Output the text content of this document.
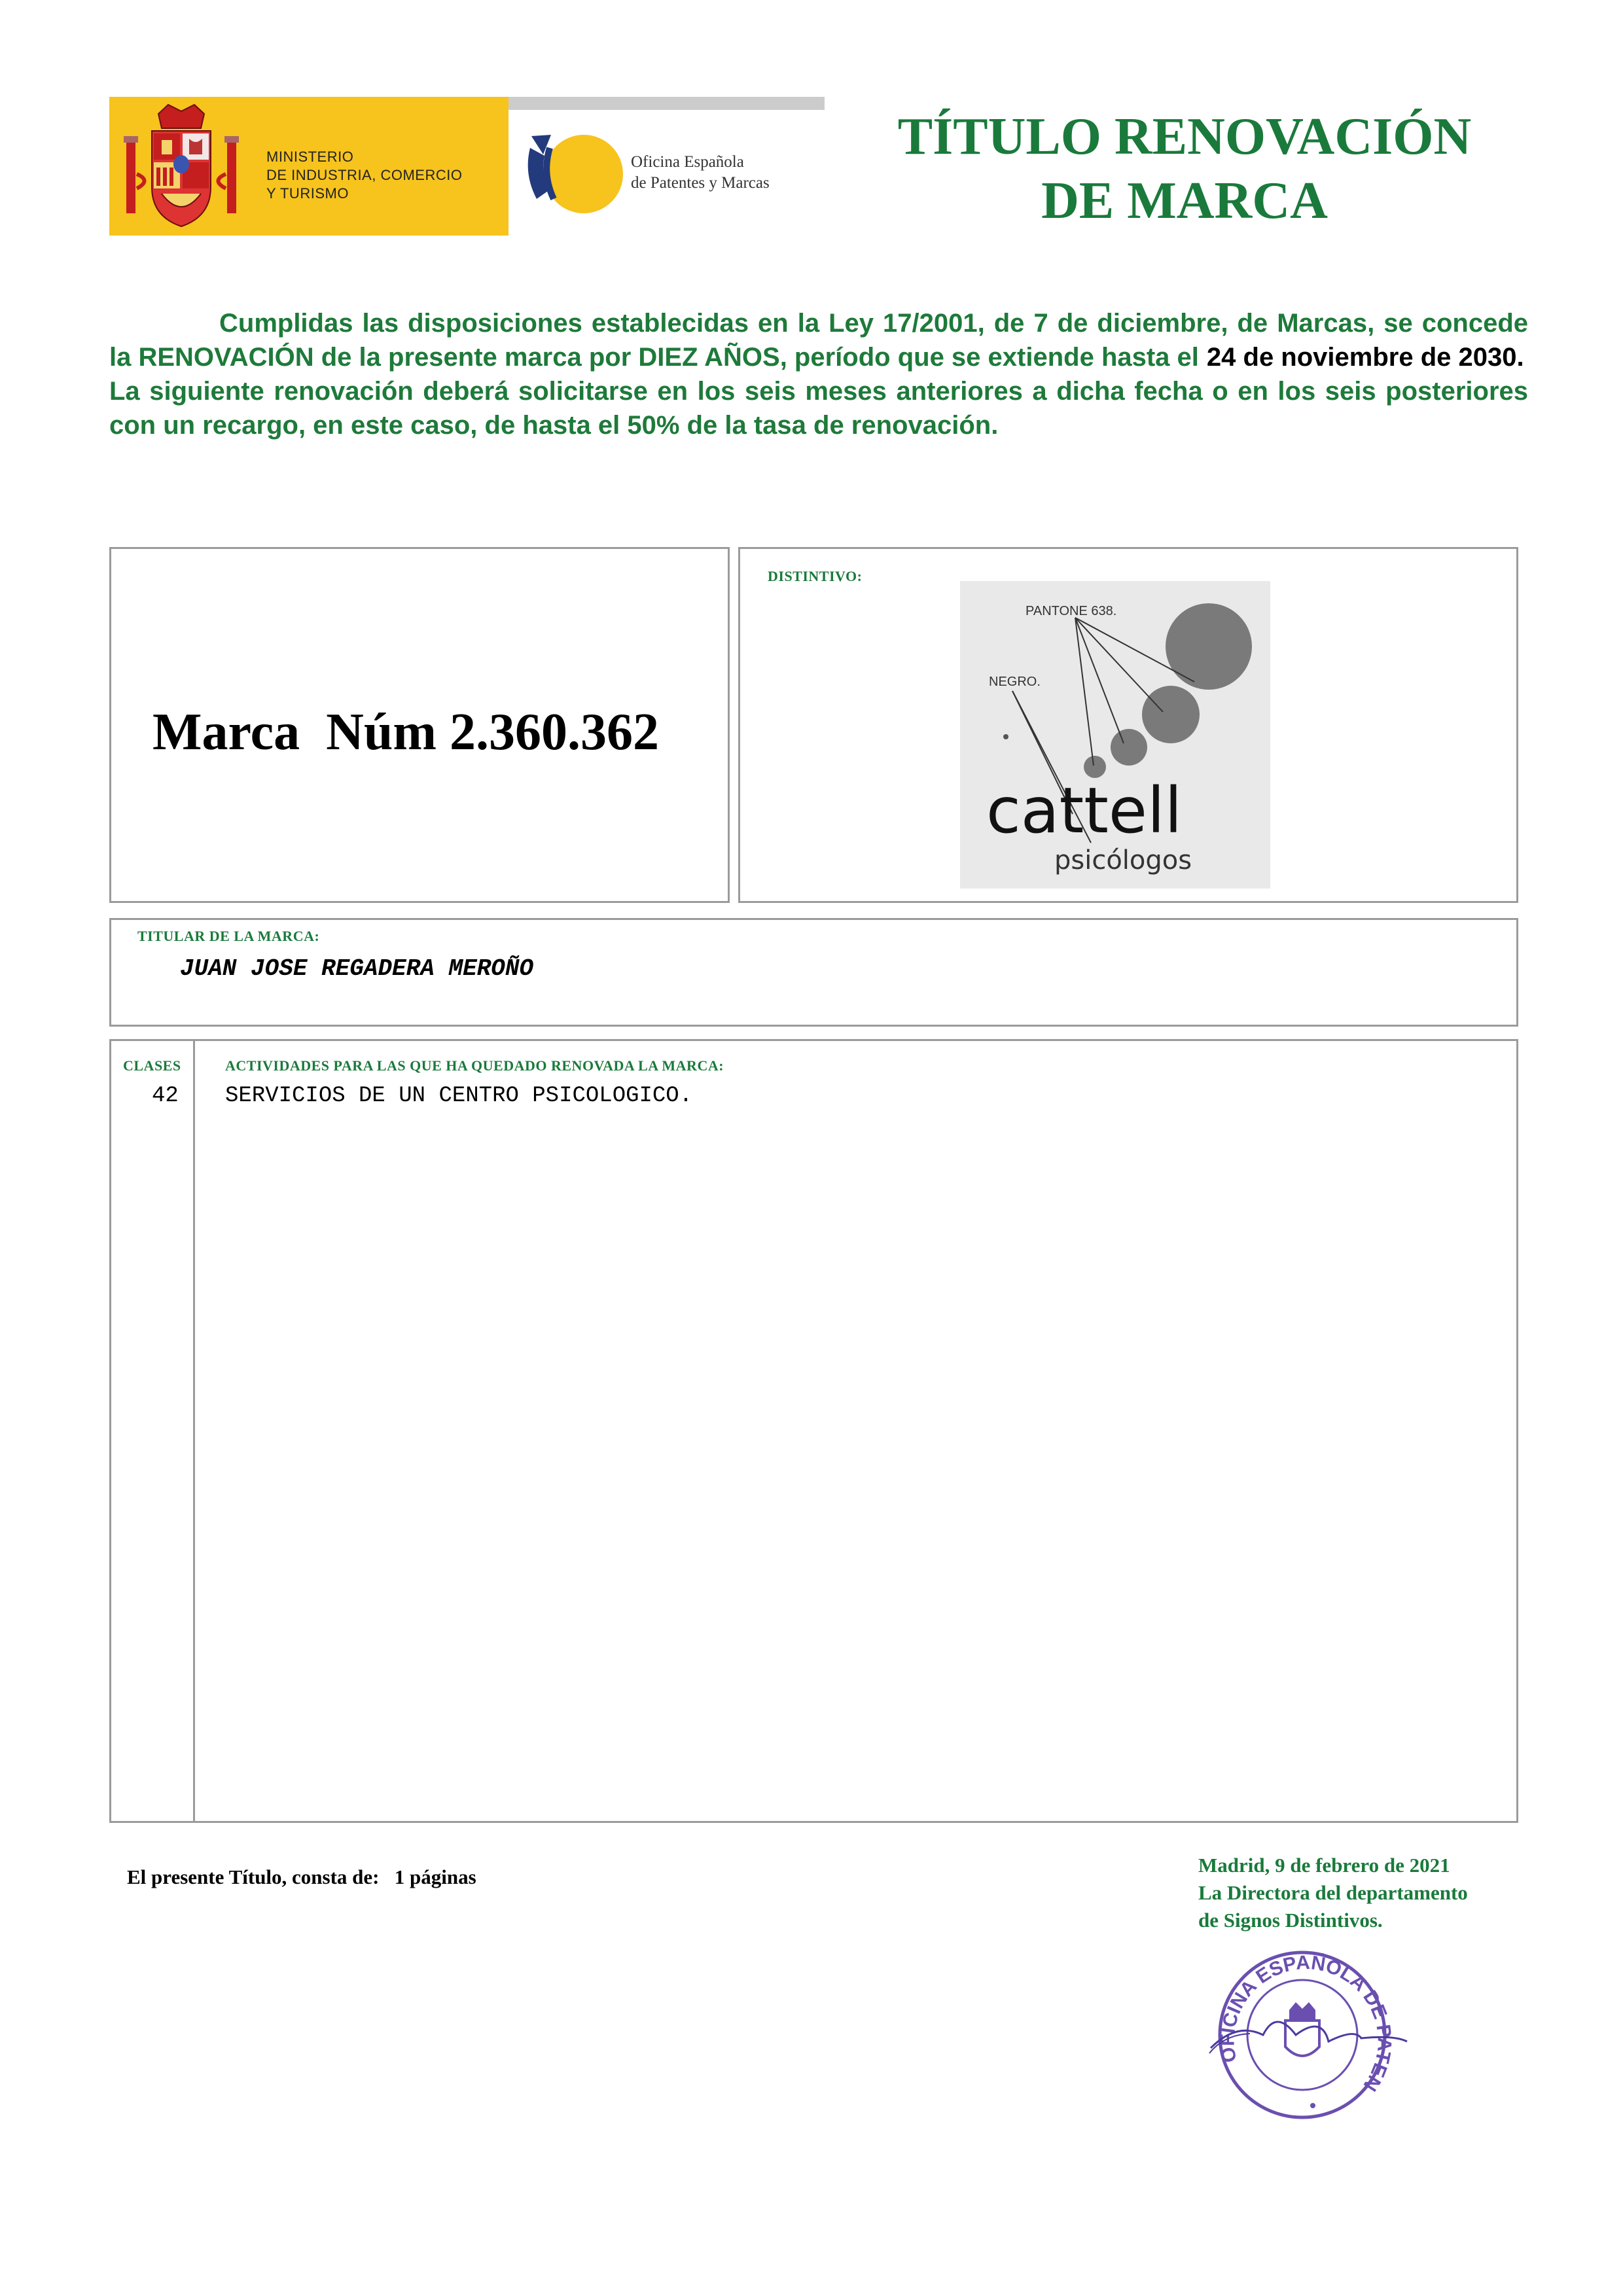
MINISTERIO
DE INDUSTRIA, COMERCIO
Y TURISMO
Oficina Española
de Patentes y Marcas
TÍTULO RENOVACIÓN
DE MARCA
Cumplidas las disposiciones establecidas en la Ley 17/2001, de 7 de diciembre, de Marcas, se concede la RENOVACIÓN de la presente marca por DIEZ AÑOS, período que se extiende hasta el 24 de noviembre de 2030.
La siguiente renovación deberá solicitarse en los seis meses anteriores a dicha fecha o en los seis posteriores con un recargo, en este caso, de hasta el 50% de la tasa de renovación.
Marca  Núm 2.360.362
DISTINTIVO:
PANTONE 638.
NEGRO.
cattell
psicólogos
TITULAR DE LA MARCA:
JUAN JOSE REGADERA MEROÑO
CLASES	ACTIVIDADES PARA LAS QUE HA QUEDADO RENOVADA LA MARCA:
42 SERVICIOS DE UN CENTRO PSICOLOGICO.
El presente Título, consta de:   1 páginas
Madrid, 9 de febrero de 2021
La Directora del departamento
de Signos Distintivos.
OFICINA ESPAÑOLA DE PATEN
